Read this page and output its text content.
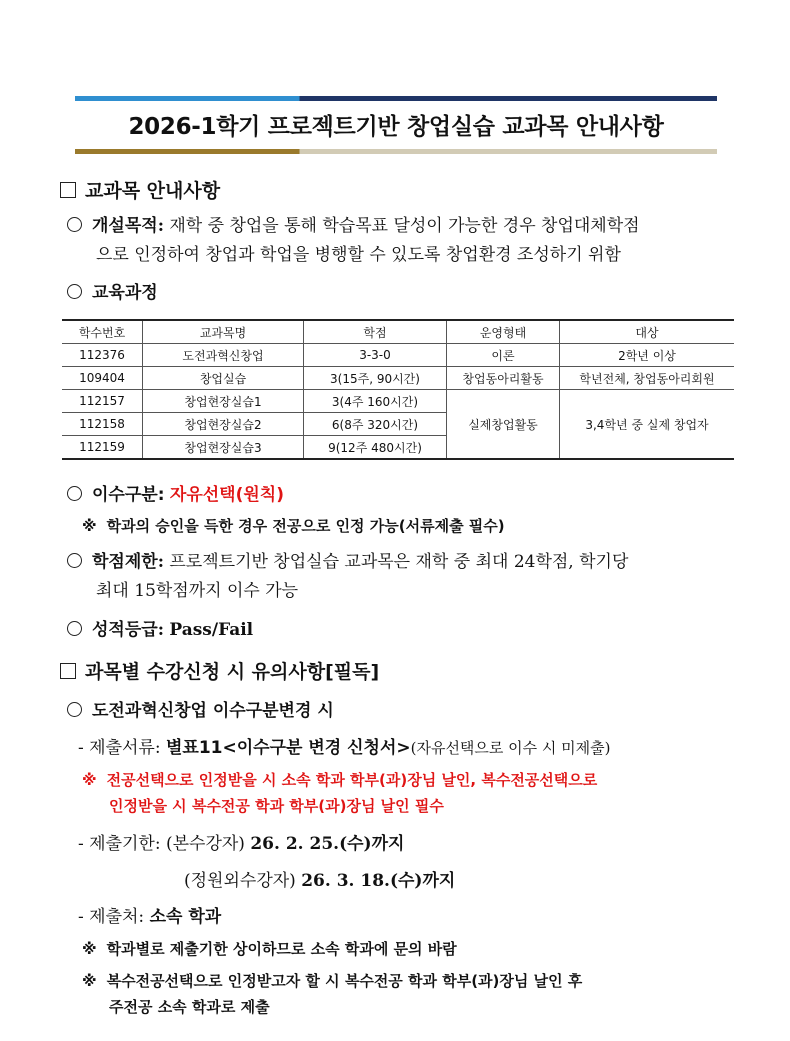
2026-1학기 프로젝트기반 창업실습 교과목 안내사항
교과목 안내사항
개설목적: 재학 중 창업을 통해 학습목표 달성이 가능한 경우 창업대체학점
으로 인정하여 창업과 학업을 병행할 수 있도록 창업환경 조성하기 위함
교육과정
학수번호	교과목명	학점	운영형태	대상
112376	도전과혁신창업	3-3-0	이론	2학년 이상
109404	창업실습	3(15주, 90시간)	창업동아리활동	학년전체, 창업동아리회원
112157	창업현장실습1	3(4주 160시간)	실제창업활동	3,4학년 중 실제 창업자
112158	창업현장실습2	6(8주 320시간)		
112159	창업현장실습3	9(12주 480시간)		
이수구분: 자유선택(원칙)
※ 학과의 승인을 득한 경우 전공으로 인정 가능(서류제출 필수)
학점제한: 프로젝트기반 창업실습 교과목은 재학 중 최대 24학점, 학기당
최대 15학점까지 이수 가능
성적등급: Pass/Fail
과목별 수강신청 시 유의사항[필독]
도전과혁신창업 이수구분변경 시
- 제출서류: 별표11<이수구분 변경 신청서>(자유선택으로 이수 시 미제출)
※ 전공선택으로 인정받을 시 소속 학과 학부(과)장님 날인, 복수전공선택으로
인정받을 시 복수전공 학과 학부(과)장님 날인 필수
- 제출기한: (본수강자) 26. 2. 25.(수)까지
(정원외수강자) 26. 3. 18.(수)까지
- 제출처: 소속 학과
※ 학과별로 제출기한 상이하므로 소속 학과에 문의 바람
※ 복수전공선택으로 인정받고자 할 시 복수전공 학과 학부(과)장님 날인 후
주전공 소속 학과로 제출
